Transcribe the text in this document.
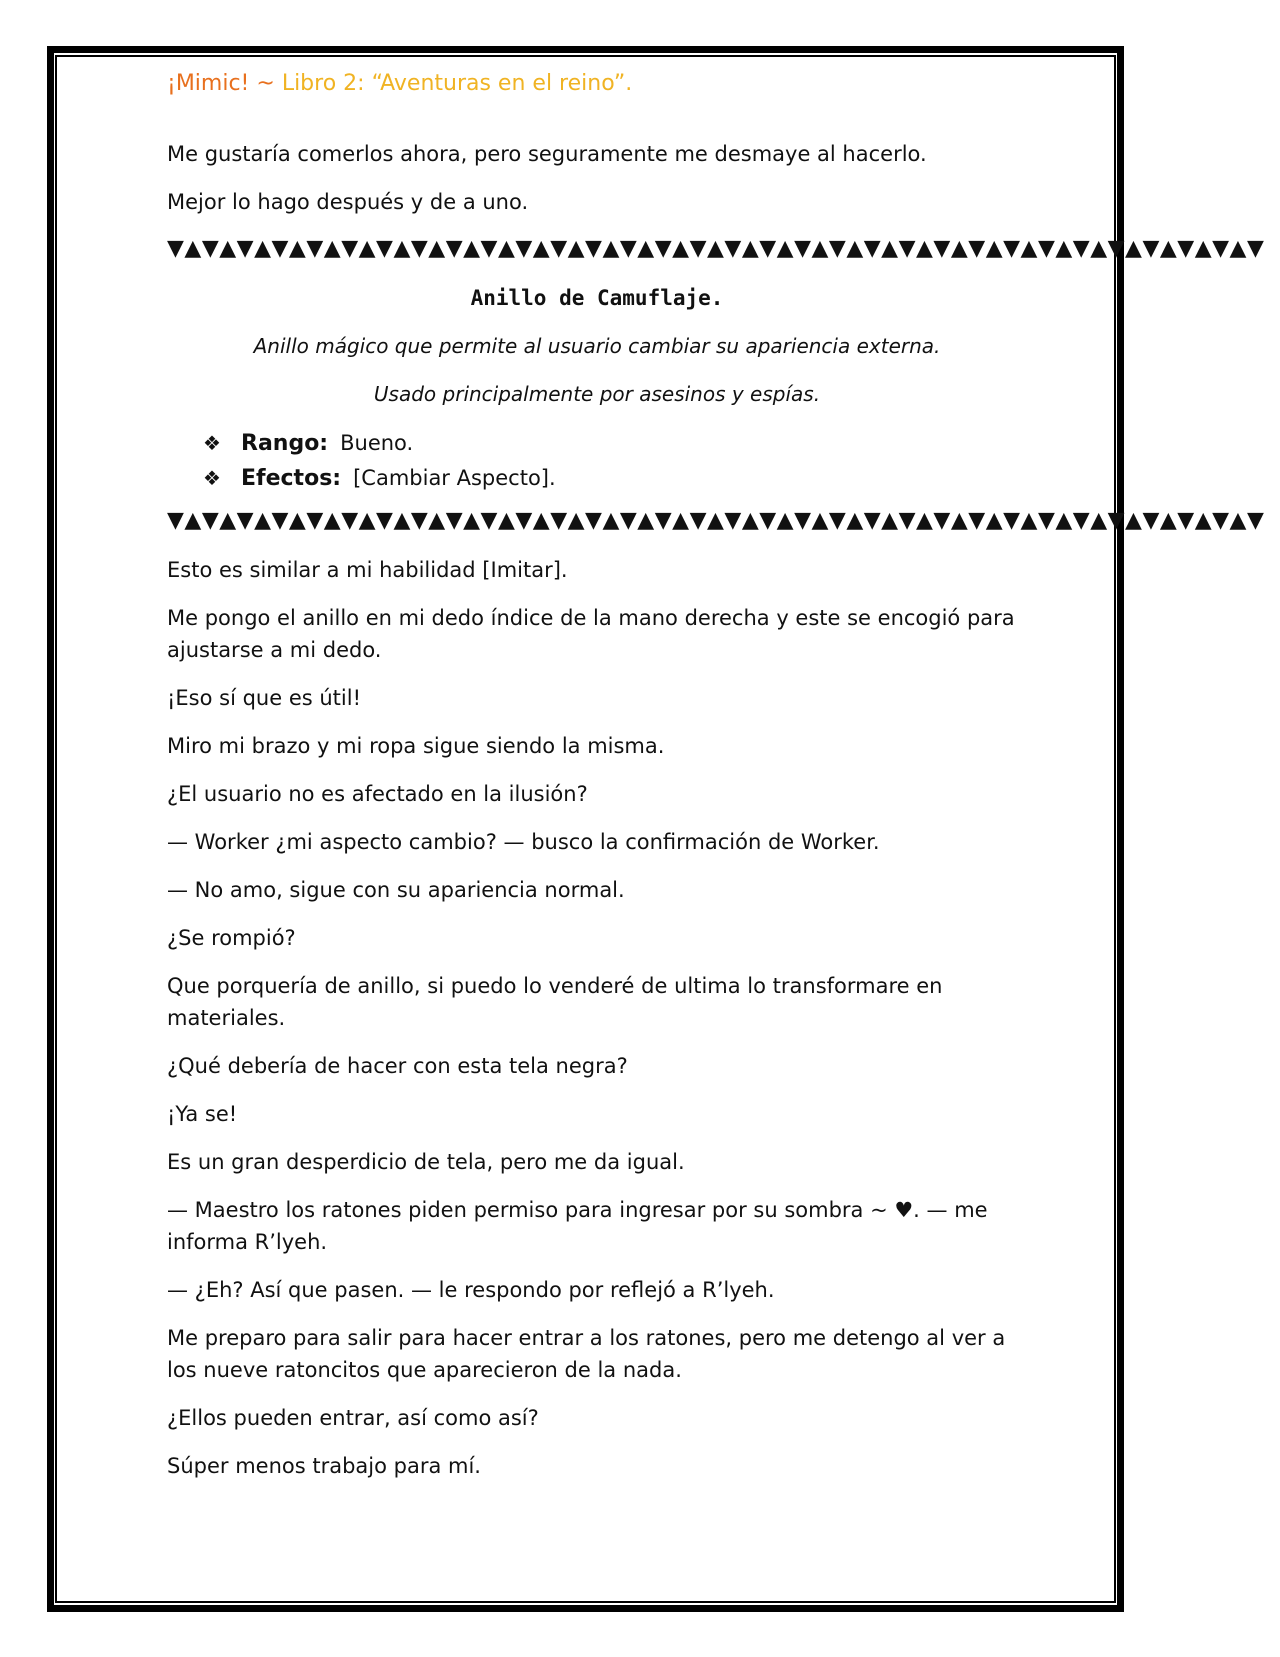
¡Mimic! ~ Libro 2: “Aventuras en el reino”.

Me gustaría comerlos ahora, pero seguramente me desmaye al hacerlo.

Mejor lo hago después y de a uno.

▼▲▼▲▼▲▼▲▼▲▼▲▼▲▼▲▼▲▼▲▼▲▼▲▼▲▼▲▼▲▼▲▼▲▼▲▼▲▼▲▼▲▼▲▼▲▼▲▼▲▼▲▼▲▼▲▼▲▼▲▼▲▼
Anillo de Camuflaje.
Anillo mágico que permite al usuario cambiar su apariencia externa.
Usado principalmente por asesinos y espías.
❖ Rango: Bueno.
❖ Efectos: [Cambiar Aspecto].
▼▲▼▲▼▲▼▲▼▲▼▲▼▲▼▲▼▲▼▲▼▲▼▲▼▲▼▲▼▲▼▲▼▲▼▲▼▲▼▲▼▲▼▲▼▲▼▲▼▲▼▲▼▲▼▲▼▲▼▲▼▲▼

Esto es similar a mi habilidad [Imitar].

Me pongo el anillo en mi dedo índice de la mano derecha y este se encogió para ajustarse a mi dedo.

¡Eso sí que es útil!

Miro mi brazo y mi ropa sigue siendo la misma.

¿El usuario no es afectado en la ilusión?

— Worker ¿mi aspecto cambio? — busco la confirmación de Worker.

— No amo, sigue con su apariencia normal.

¿Se rompió?

Que porquería de anillo, si puedo lo venderé de ultima lo transformare en materiales.

¿Qué debería de hacer con esta tela negra?

¡Ya se!

Es un gran desperdicio de tela, pero me da igual.

— Maestro los ratones piden permiso para ingresar por su sombra ~ ♥. — me informa R’lyeh.

— ¿Eh? Así que pasen. — le respondo por reflejó a R’lyeh.

Me preparo para salir para hacer entrar a los ratones, pero me detengo al ver a los nueve ratoncitos que aparecieron de la nada.

¿Ellos pueden entrar, así como así?

Súper menos trabajo para mí.
